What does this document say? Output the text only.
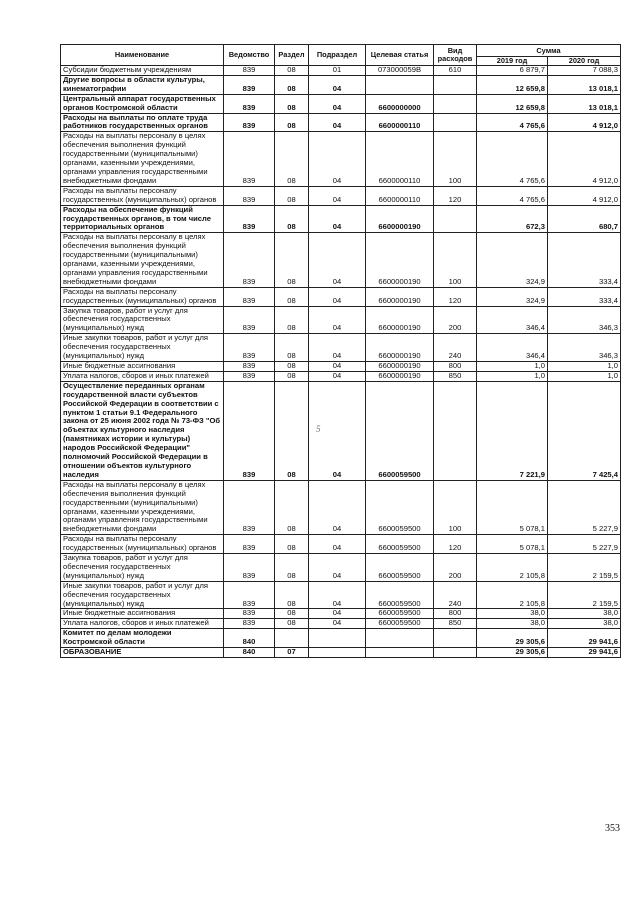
Наименование	Ведомство	Раздел	Подраздел	Целевая статья	Вид расходов	Сумма	
						2019 год	2020 год
Субсидии бюджетным учреждениям	839	08	01	073000059В	610	6 879,7	7 088,3
Другие вопросы в области культуры, кинематографии	839	08	04			12 659,8	13 018,1
Центральный аппарат государственных органов Костромской области	839	08	04	6600000000		12 659,8	13 018,1
Расходы на выплаты по оплате труда работников государственных органов	839	08	04	6600000110		4 765,6	4 912,0
Расходы на выплаты персоналу в целях обеспечения выполнения функций государственными (муниципальными) органами, казенными учреждениями, органами управления государственными внебюджетными фондами	839	08	04	6600000110	100	4 765,6	4 912,0
Расходы на выплаты персоналу государственных (муниципальных) органов	839	08	04	6600000110	120	4 765,6	4 912,0
Расходы на обеспечение функций государственных органов, в том числе территориальных органов	839	08	04	6600000190		672,3	680,7
Расходы на выплаты персоналу в целях обеспечения выполнения функций государственными (муниципальными) органами, казенными учреждениями, органами управления государственными внебюджетными фондами	839	08	04	6600000190	100	324,9	333,4
Расходы на выплаты персоналу государственных (муниципальных) органов	839	08	04	6600000190	120	324,9	333,4
Закупка товаров, работ и услуг для обеспечения государственных (муниципальных) нужд	839	08	04	6600000190	200	346,4	346,3
Иные закупки товаров, работ и услуг для обеспечения государственных (муниципальных) нужд	839	08	04	6600000190	240	346,4	346,3
Иные бюджетные ассигнования	839	08	04	6600000190	800	1,0	1,0
Уплата налогов, сборов и иных платежей	839	08	04	6600000190	850	1,0	1,0
Осуществление переданных органам государственной власти субъектов Российской Федерации в соответствии с пунктом 1 статьи 9.1 Федерального закона от 25 июня 2002 года № 73-ФЗ "Об объектах культурного наследия (памятниках истории и культуры) народов Российской Федерации" полномочий Российской Федерации в отношении объектов культурного наследия	839	08	04	6600059500		7 221,9	7 425,4
Расходы на выплаты персоналу в целях обеспечения выполнения функций государственными (муниципальными) органами, казенными учреждениями, органами управления государственными внебюджетными фондами	839	08	04	6600059500	100	5 078,1	5 227,9
Расходы на выплаты персоналу государственных (муниципальных) органов	839	08	04	6600059500	120	5 078,1	5 227,9
Закупка товаров, работ и услуг для обеспечения государственных (муниципальных) нужд	839	08	04	6600059500	200	2 105,8	2 159,5
Иные закупки товаров, работ и услуг для обеспечения государственных (муниципальных) нужд	839	08	04	6600059500	240	2 105,8	2 159,5
Иные бюджетные ассигнования	839	08	04	6600059500	800	38,0	38,0
Уплата налогов, сборов и иных платежей	839	08	04	6600059500	850	38,0	38,0
Комитет по делам молодежи Костромской области	840					29 305,6	29 941,6
ОБРАЗОВАНИЕ	840	07				29 305,6	29 941,6
5
353
